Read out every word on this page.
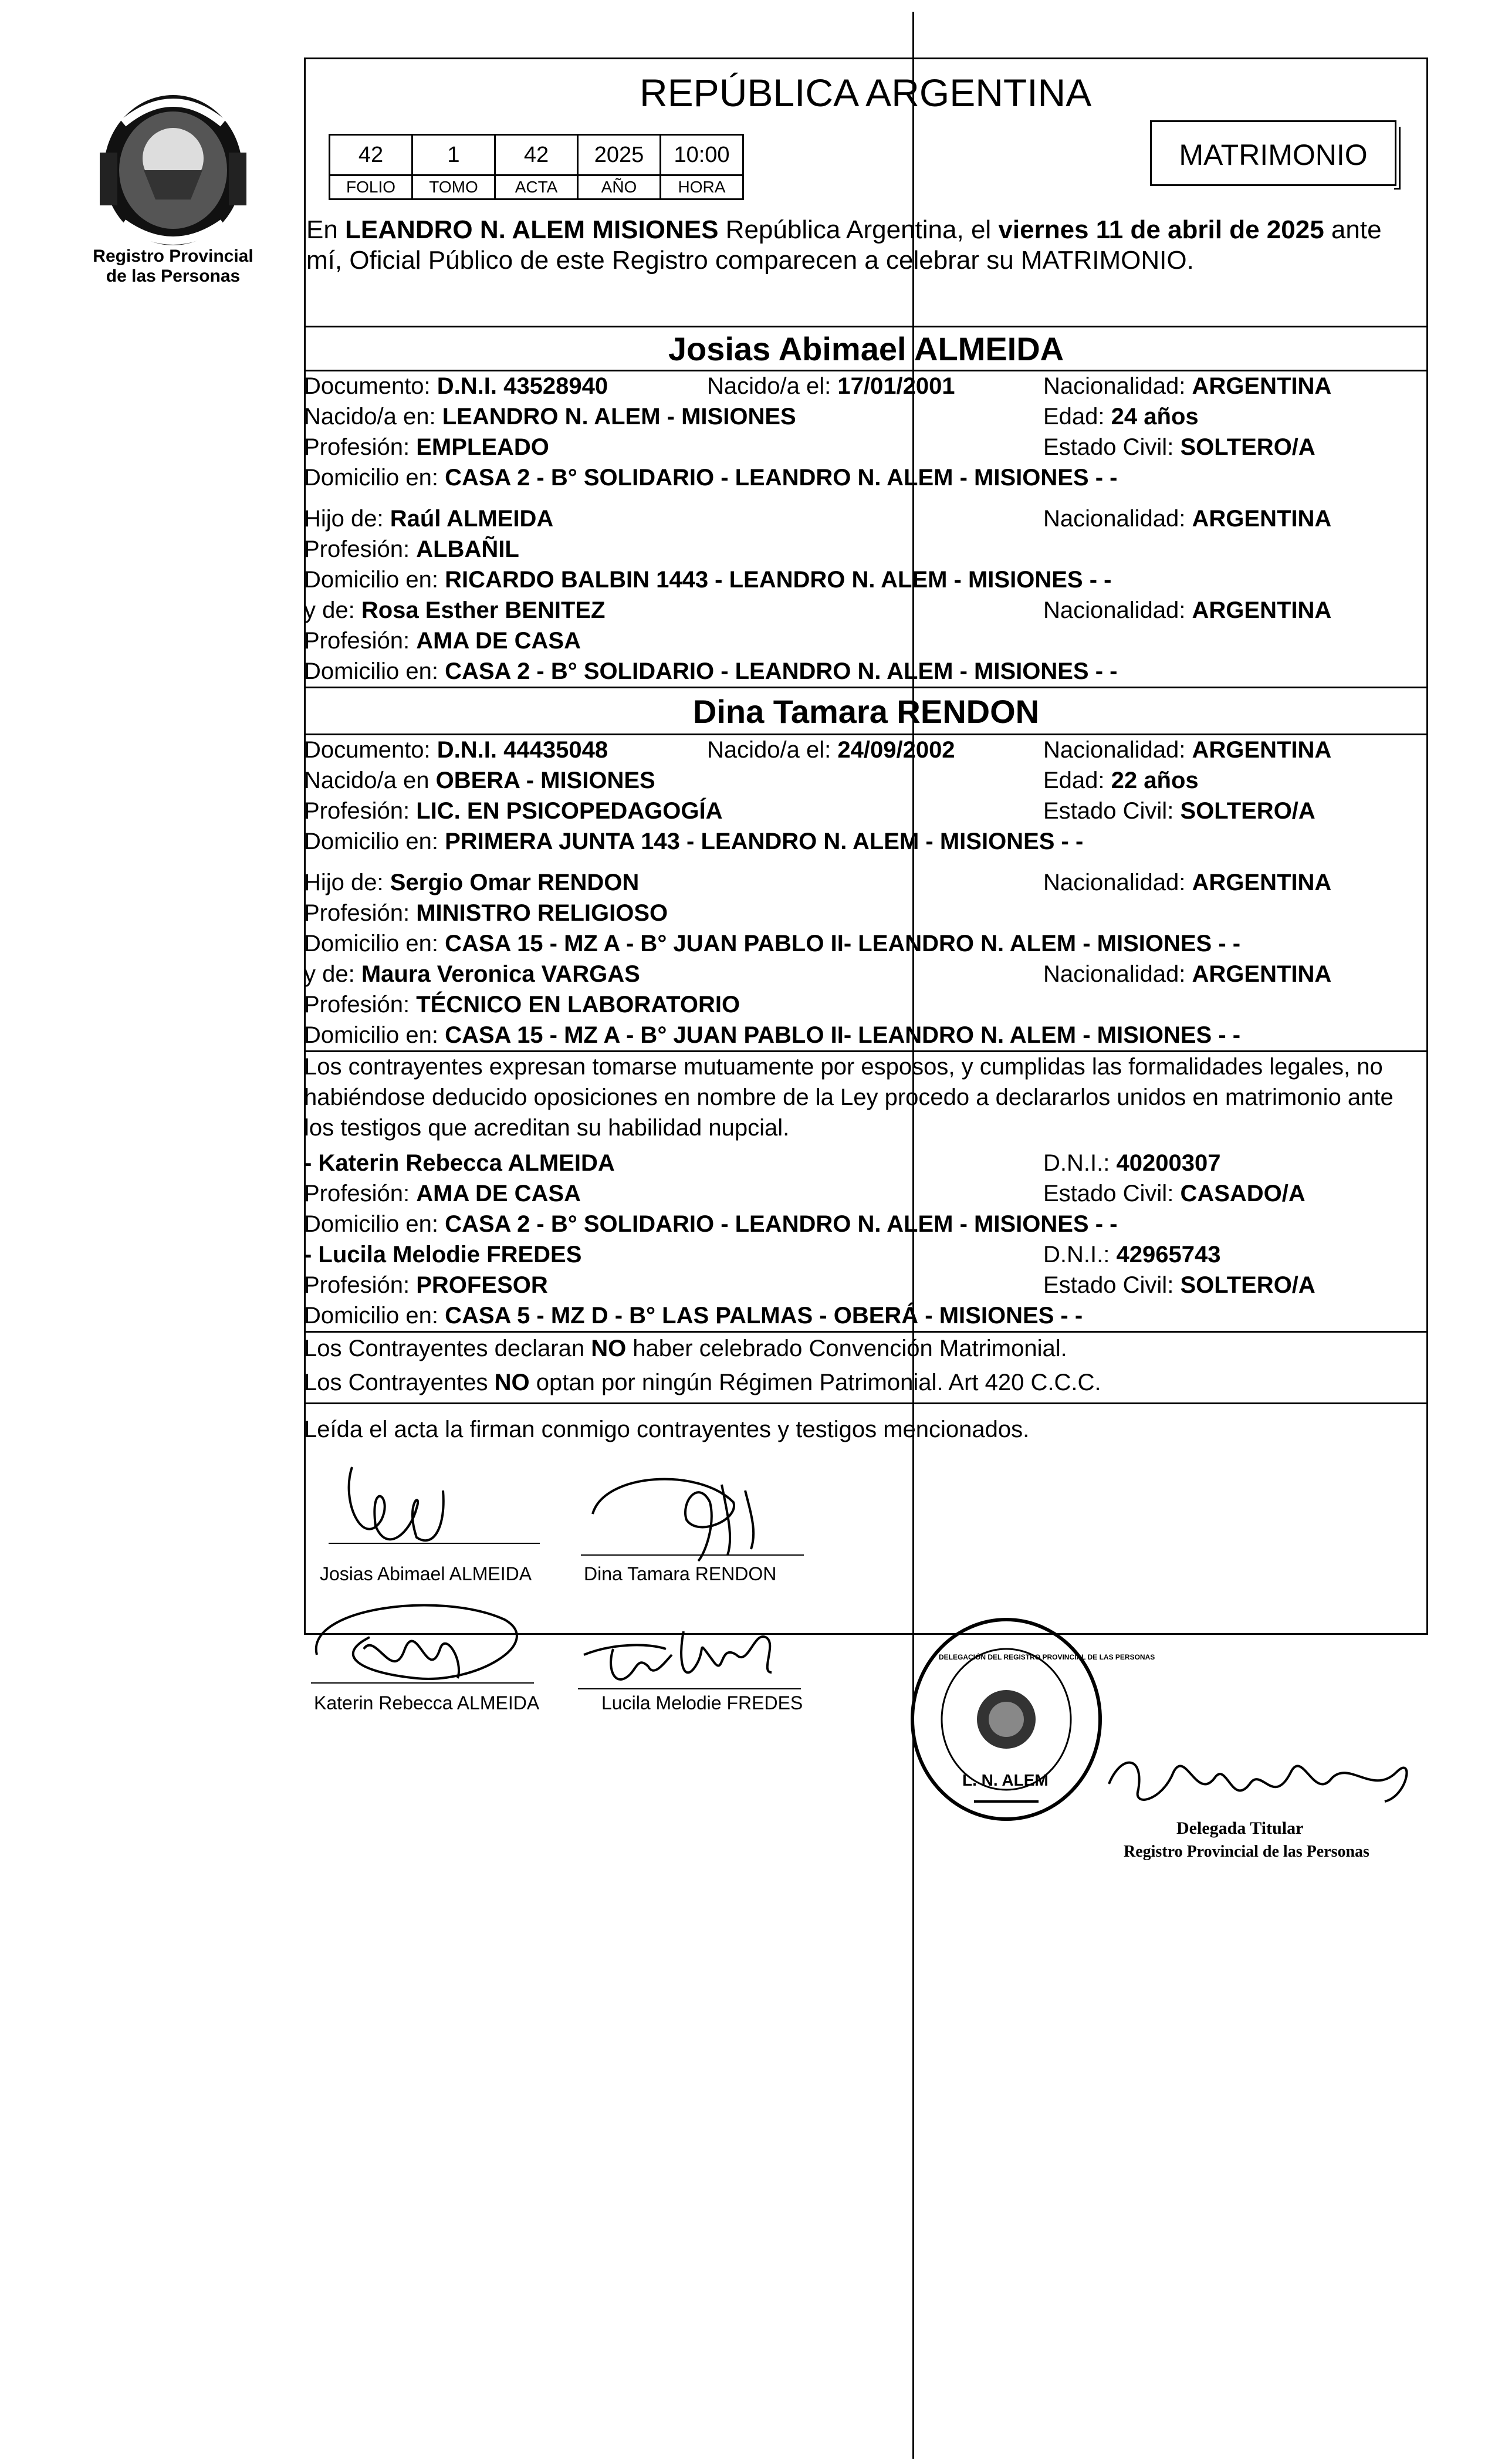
Registro Provincial de las Personas
REPÚBLICA ARGENTINA
42	1	42	2025	10:00
FOLIO	TOMO	ACTA	AÑO	HORA
MATRIMONIO
En LEANDRO N. ALEM MISIONES República Argentina, el viernes 11 de abril de 2025 ante
mí, Oficial Público de este Registro comparecen a celebrar su MATRIMONIO.
Josias Abimael ALMEIDA
Documento: D.N.I. 43528940	Nacido/a el: 17/01/2001	Nacionalidad: ARGENTINA
Nacido/a en: LEANDRO N. ALEM - MISIONES	Edad: 24 años
Profesión: EMPLEADO	Estado Civil: SOLTERO/A
Domicilio en: CASA 2 - B° SOLIDARIO - LEANDRO N. ALEM - MISIONES - -
Hijo de: Raúl ALMEIDA	Nacionalidad: ARGENTINA
Profesión: ALBAÑIL
Domicilio en: RICARDO BALBIN 1443 - LEANDRO N. ALEM - MISIONES - -
y de: Rosa Esther BENITEZ	Nacionalidad: ARGENTINA
Profesión: AMA DE CASA
Domicilio en: CASA 2 - B° SOLIDARIO - LEANDRO N. ALEM - MISIONES - -
Dina Tamara RENDON
Documento: D.N.I. 44435048	Nacido/a el: 24/09/2002	Nacionalidad: ARGENTINA
Nacido/a en OBERA - MISIONES	Edad: 22 años
Profesión: LIC. EN PSICOPEDAGOGÍA	Estado Civil: SOLTERO/A
Domicilio en: PRIMERA JUNTA 143 - LEANDRO N. ALEM - MISIONES - -
Hijo de: Sergio Omar RENDON	Nacionalidad: ARGENTINA
Profesión: MINISTRO RELIGIOSO
Domicilio en: CASA 15 - MZ A - B° JUAN PABLO II- LEANDRO N. ALEM - MISIONES - -
y de: Maura Veronica VARGAS	Nacionalidad: ARGENTINA
Profesión: TÉCNICO EN LABORATORIO
Domicilio en: CASA 15 - MZ A - B° JUAN PABLO II- LEANDRO N. ALEM - MISIONES - -
Los contrayentes expresan tomarse mutuamente por esposos, y cumplidas las formalidades legales, no
habiéndose deducido oposiciones en nombre de la Ley procedo a declararlos unidos en matrimonio ante
los testigos que acreditan su habilidad nupcial.
- Katerin Rebecca ALMEIDA	D.N.I.: 40200307
Profesión: AMA DE CASA	Estado Civil: CASADO/A
Domicilio en: CASA 2 - B° SOLIDARIO - LEANDRO N. ALEM - MISIONES - -
- Lucila Melodie FREDES	D.N.I.: 42965743
Profesión: PROFESOR	Estado Civil: SOLTERO/A
Domicilio en: CASA 5 - MZ D - B° LAS PALMAS - OBERÁ - MISIONES - -
Los Contrayentes declaran NO haber celebrado Convención Matrimonial.
Los Contrayentes NO optan por ningún Régimen Patrimonial. Art 420 C.C.C.
Leída el acta la firman conmigo contrayentes y testigos mencionados.
Josias Abimael ALMEIDA	Dina Tamara RENDON
Katerin Rebecca ALMEIDA	Lucila Melodie FREDES
DELEGACIÓN DEL REGISTRO PROVINCIAL DE LAS PERSONAS
L. N. ALEM
Delegada Titular
Registro Provincial de las Personas
